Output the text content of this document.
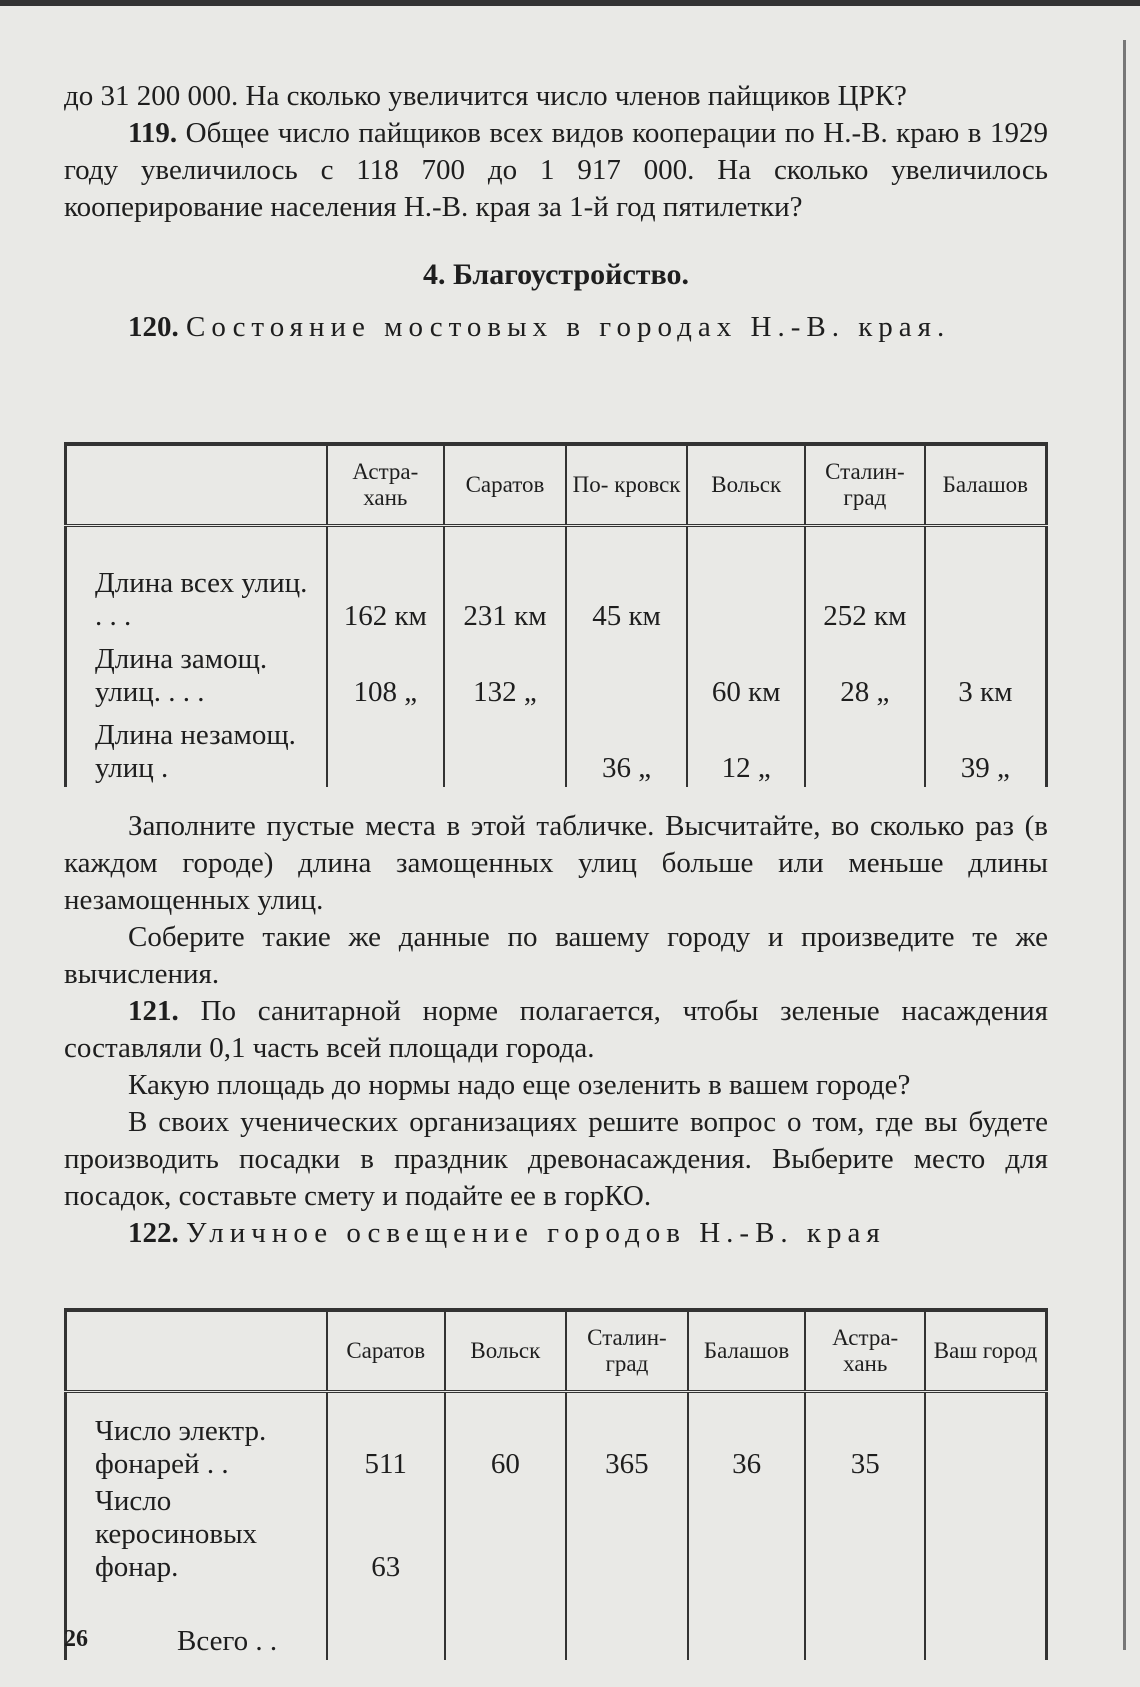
до 31 200 000. На сколько увеличится число членов пайщиков ЦРК?

119. Общее число пайщиков всех видов кооперации по Н.-В. краю в 1929 году увеличилось с 118 700 до 1 917 000. На сколько увеличилось кооперирование населения Н.-В. края за 1-й год пятилетки?

4. Благоустройство.

120. Состояние мостовых в городах Н.-В. края.

	Астра- хань	Саратов	По- кровск	Вольск	Сталин- град	Балашов
Длина всех улиц. . . .	162 км	231 км	45 км		252 км	
Длина замощ. улиц. . . .	108 „	132 „		60 км	28 „	3 км
Длина незамощ. улиц .			36 „	12 „		39 „

Заполните пустые места в этой табличке. Высчитайте, во сколько раз (в каждом городе) длина замощенных улиц больше или меньше длины незамощенных улиц.

Соберите такие же данные по вашему городу и произведите те же вычисления.

121. По санитарной норме полагается, чтобы зеленые насаждения составляли 0,1 часть всей площади города.

Какую площадь до нормы надо еще озеленить в вашем городе?

В своих ученических организациях решите вопрос о том, где вы будете производить посадки в праздник древонасаждения. Выберите место для посадок, составьте смету и подайте ее в горКО.

122. Уличное освещение городов Н.-В. края

	Саратов	Вольск	Сталин- град	Балашов	Астра- хань	Ваш город
Число электр. фонарей . .	511	60	365	36	35	
Число керосиновых фонар.	63					
Всего . .						
26
